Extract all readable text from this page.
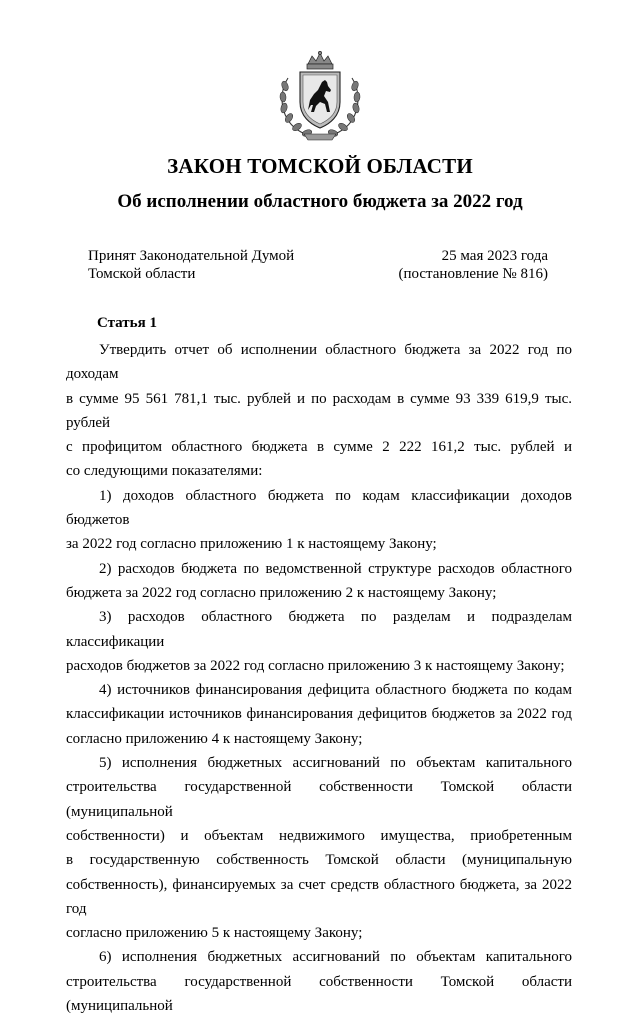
ЗАКОН ТОМСКОЙ ОБЛАСТИ
Об исполнении областного бюджета за 2022 год
Принят Законодательной Думой
Томской области
25 мая 2023 года
(постановление № 816)
Статья 1

Утвердить отчет об исполнении областного бюджета за 2022 год по доходам
в сумме 95 561 781,1 тыс. рублей и по расходам в сумме 93 339 619,9 тыс. рублей
с профицитом областного бюджета в сумме 2 222 161,2 тыс. рублей и
со следующими показателями:

1) доходов областного бюджета по кодам классификации доходов бюджетов
за 2022 год согласно приложению 1 к настоящему Закону;

2) расходов бюджета по ведомственной структуре расходов областного
бюджета за 2022 год согласно приложению 2 к настоящему Закону;

3) расходов областного бюджета по разделам и подразделам классификации
расходов бюджетов за 2022 год согласно приложению 3 к настоящему Закону;

4) источников финансирования дефицита областного бюджета по кодам
классификации источников финансирования дефицитов бюджетов за 2022 год
согласно приложению 4 к настоящему Закону;

5) исполнения бюджетных ассигнований по объектам капитального
строительства государственной собственности Томской области (муниципальной
собственности) и объектам недвижимого имущества, приобретенным
в государственную собственность Томской области (муниципальную
собственность), финансируемых за счет средств областного бюджета, за 2022 год
согласно приложению 5 к настоящему Закону;

6) исполнения бюджетных ассигнований по объектам капитального
строительства государственной собственности Томской области (муниципальной
